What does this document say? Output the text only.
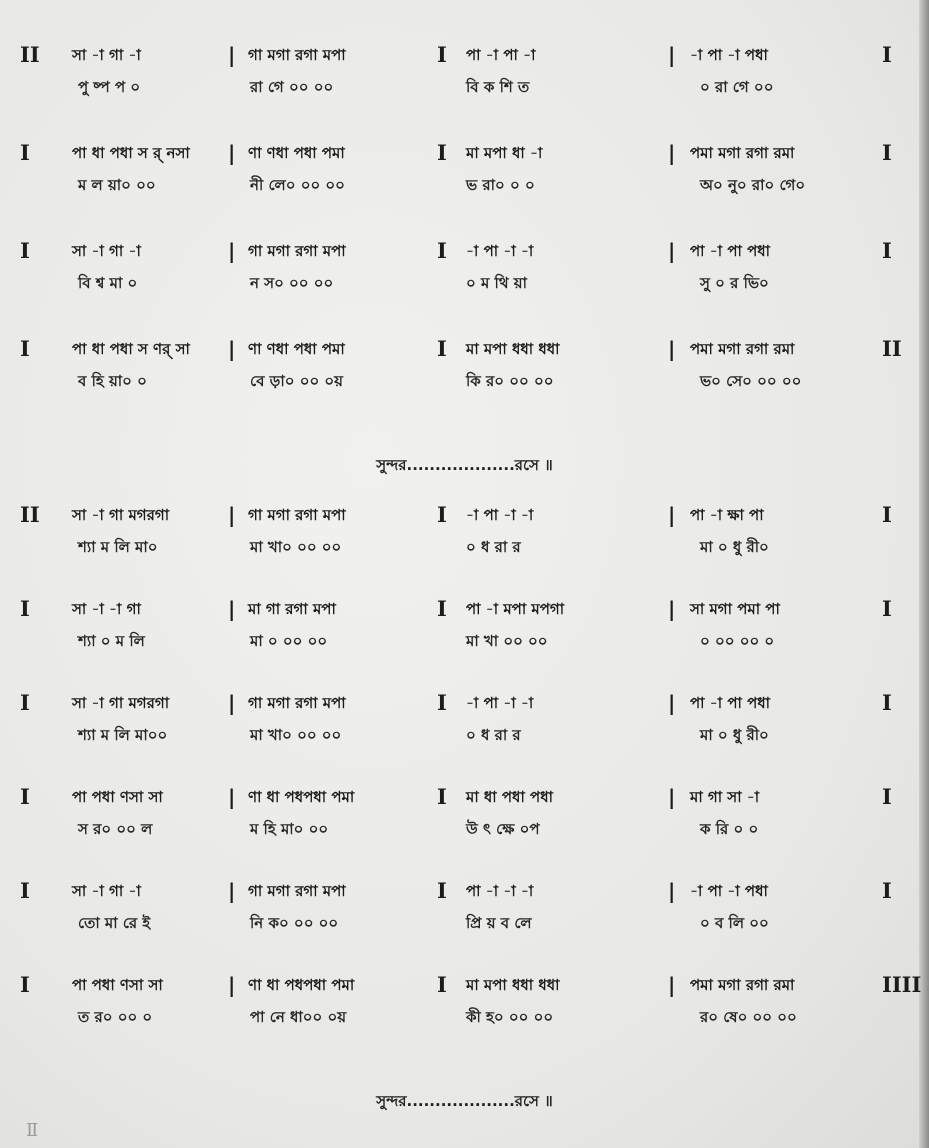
II সা -া গা -া	গা মগা রগা মপা	পা -া পা -া	-া পা -া পধা
|	I	|	I
পু ষ্প প ০	রা গে ০০ ০০	বি ক শি ত	০ রা গে ০০
I	পা ধা পধা স র্ নসা	ণা ণধা পধা পমা	মা মপা ধা -া	পমা মগা রগা রমা
|	I	|	I
ম ল য়া০ ০০	নী লে০ ০০ ০০	ভ রা০ ০ ০	অ০ নু০ রা০ গে০
I	সা -া গা -া	গা মগা রগা মপা	-া পা -া -া	পা -া পা পধা
|	I	|	I
বি শ্ব মা ০	ন স০ ০০ ০০	০ ম থি য়া	সু ০ র ভি০
I	পা ধা পধা স ণর্ সা	ণা ণধা পধা পমা	মা মপা ধধা ধধা	পমা মগা রগা রমা
|	I	|	II
ব হি য়া০ ০	বে ড়া০ ০০ ০য়	কি র০ ০০ ০০	ভ০ সে০ ০০ ০০
সুন্দর...................রসে ॥
II সা -া গা মগরগা	গা মগা রগা মপা	-া পা -া -া	পা -া ক্ষা পা
|	I	|	I
শ্যা ম লি মা০	মা খা০ ০০ ০০	০ ধ রা র	মা ০ ধু রী০
I	সা -া -া গা	মা গা রগা মপা	পা -া মপা মপগা	সা মগা পমা পা
|	I	|	I
শ্যা ০ ম লি	মা ০ ০০ ০০	মা খা ০০ ০০	০ ০০ ০০ ০
I	সা -া গা মগরগা	গা মগা রগা মপা	-া পা -া -া	পা -া পা পধা
|	I	|	I
শ্যা ম লি মা০০	মা খা০ ০০ ০০	০ ধ রা র	মা ০ ধু রী০
I	পা পধা ণসা সা	ণা ধা পধপধা পমা	মা ধা পধা পধা	মা গা সা -া
|	I	|	I
স র০ ০০ ল	ম হি মা০ ০০	উ ৎ ক্ষে ০প	ক রি ০ ০
I	সা -া গা -া	গা মগা রগা মপা	পা -া -া -া	-া পা -া পধা
|	I	|	I
তো মা রে ই	নি ক০ ০০ ০০	প্রি য় ব লে	০ ব লি ০০
I	পা পধা ণসা সা	ণা ধা পধপধা পমা	মা মপা ধধা ধধা	পমা মগা রগা রমা
|	I	|	IIII
ত র০ ০০ ০	পা নে ধা০০ ০য়	কী হ০ ০০ ০০	র০ ষে০ ০০ ০০
সুন্দর...................রসে ॥
Ⅱ
